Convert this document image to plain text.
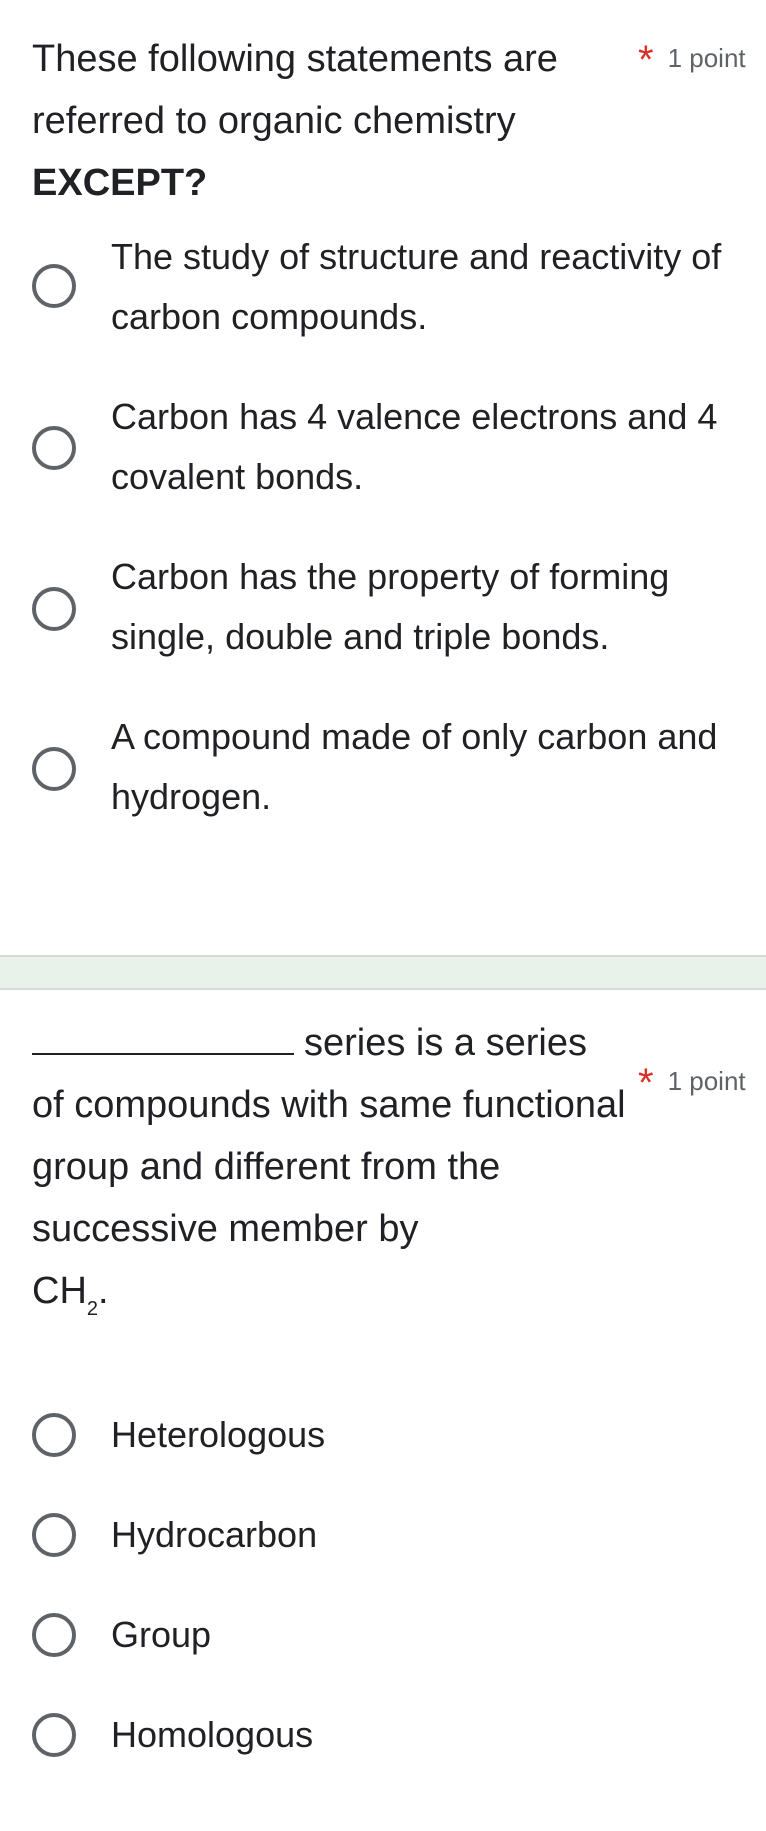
These following statements are referred to organic chemistry EXCEPT?
* 1 point
The study of structure and reactivity of carbon compounds.
Carbon has 4 valence electrons and 4 covalent bonds.
Carbon has the property of forming single, double and triple bonds.
A compound made of only carbon and hydrogen.
series is a series of compounds with same functional group and different from the successive member by
$CH_2$.
* 1 point
Heterologous
Hydrocarbon
Group
Homologous
